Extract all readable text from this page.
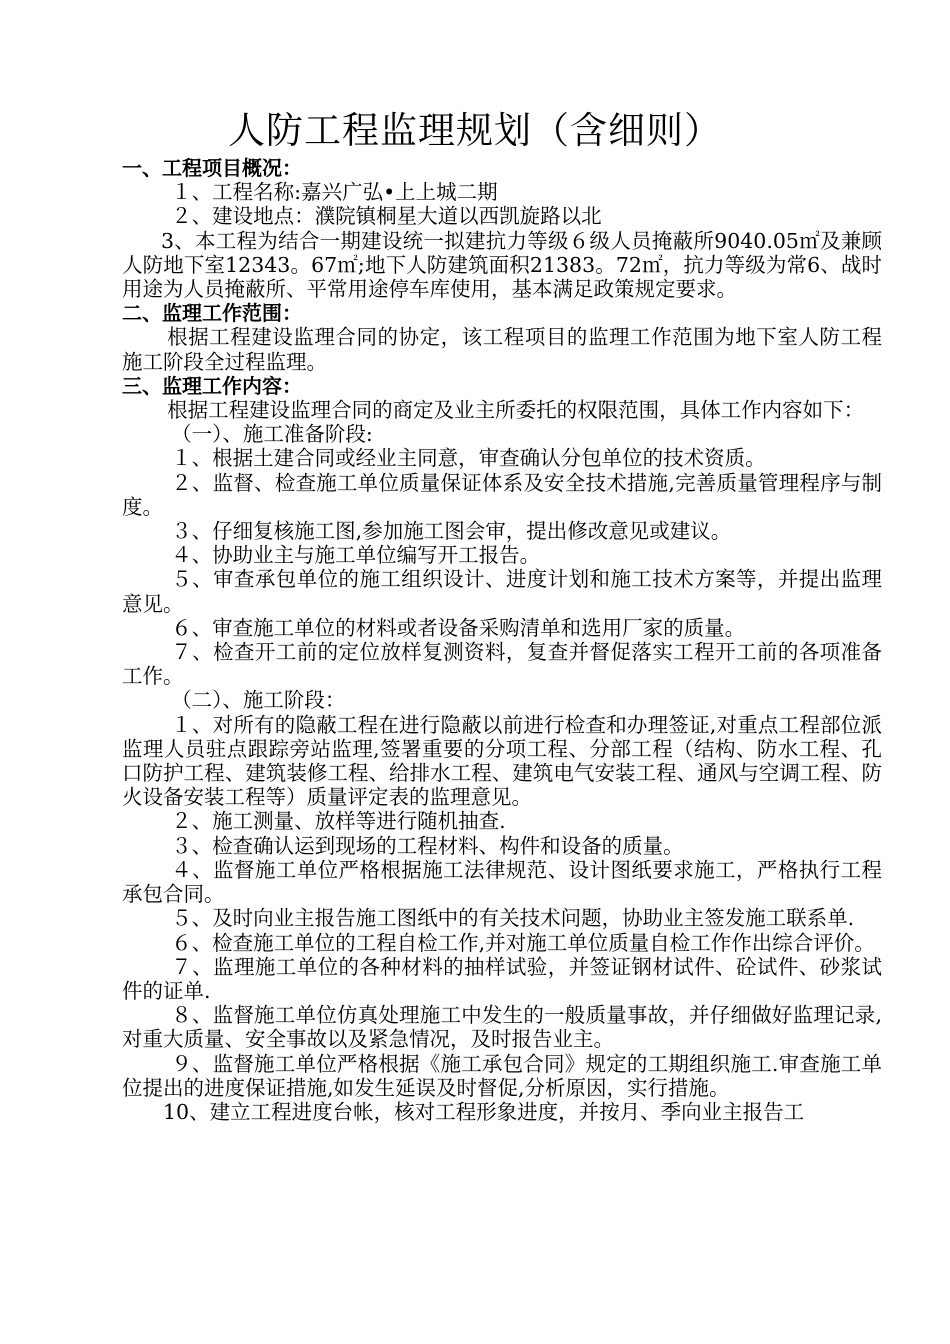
人防工程监理规划（含细则）

一、工程项目概况：

１、工程名称:嘉兴广弘•上上城二期

２、建设地点：濮院镇桐星大道以西凯旋路以北

3、本工程为结合一期建设统一拟建抗力等级６级人员掩蔽所9040.05㎡及兼顾人防地下室12343。67㎡;地下人防建筑面积21383。72㎡，抗力等级为常6、战时用途为人员掩蔽所、平常用途停车库使用，基本满足政策规定要求。

二、监理工作范围：

根据工程建设监理合同的协定，该工程项目的监理工作范围为地下室人防工程施工阶段全过程监理。

三、监理工作内容：

根据工程建设监理合同的商定及业主所委托的权限范围，具体工作内容如下：

（一）、施工准备阶段:

１、根据土建合同或经业主同意，审查确认分包单位的技术资质。

２、监督、检查施工单位质量保证体系及安全技术措施,完善质量管理程序与制度。

３、仔细复核施工图,参加施工图会审，提出修改意见或建议。

４、协助业主与施工单位编写开工报告。

５、审查承包单位的施工组织设计、进度计划和施工技术方案等，并提出监理意见。

６、审查施工单位的材料或者设备采购清单和选用厂家的质量。

７、检查开工前的定位放样复测资料，复查并督促落实工程开工前的各项准备工作。

（二）、施工阶段：

１、对所有的隐蔽工程在进行隐蔽以前进行检查和办理签证,对重点工程部位派监理人员驻点跟踪旁站监理,签署重要的分项工程、分部工程（结构、防水工程、孔口防护工程、建筑装修工程、给排水工程、建筑电气安装工程、通风与空调工程、防火设备安装工程等）质量评定表的监理意见。

２、施工测量、放样等进行随机抽查.

３、检查确认运到现场的工程材料、构件和设备的质量。

４、监督施工单位严格根据施工法律规范、设计图纸要求施工，严格执行工程承包合同。

５、及时向业主报告施工图纸中的有关技术问题，协助业主签发施工联系单.

６、检查施工单位的工程自检工作,并对施工单位质量自检工作作出综合评价。

７、监理施工单位的各种材料的抽样试验，并签证钢材试件、砼试件、砂浆试件的证单.

８、监督施工单位仿真处理施工中发生的一般质量事故，并仔细做好监理记录,对重大质量、安全事故以及紧急情况，及时报告业主。

９、监督施工单位严格根据《施工承包合同》规定的工期组织施工.审查施工单位提出的进度保证措施,如发生延误及时督促,分析原因，实行措施。

10、建立工程进度台帐，核对工程形象进度，并按月、季向业主报告工
